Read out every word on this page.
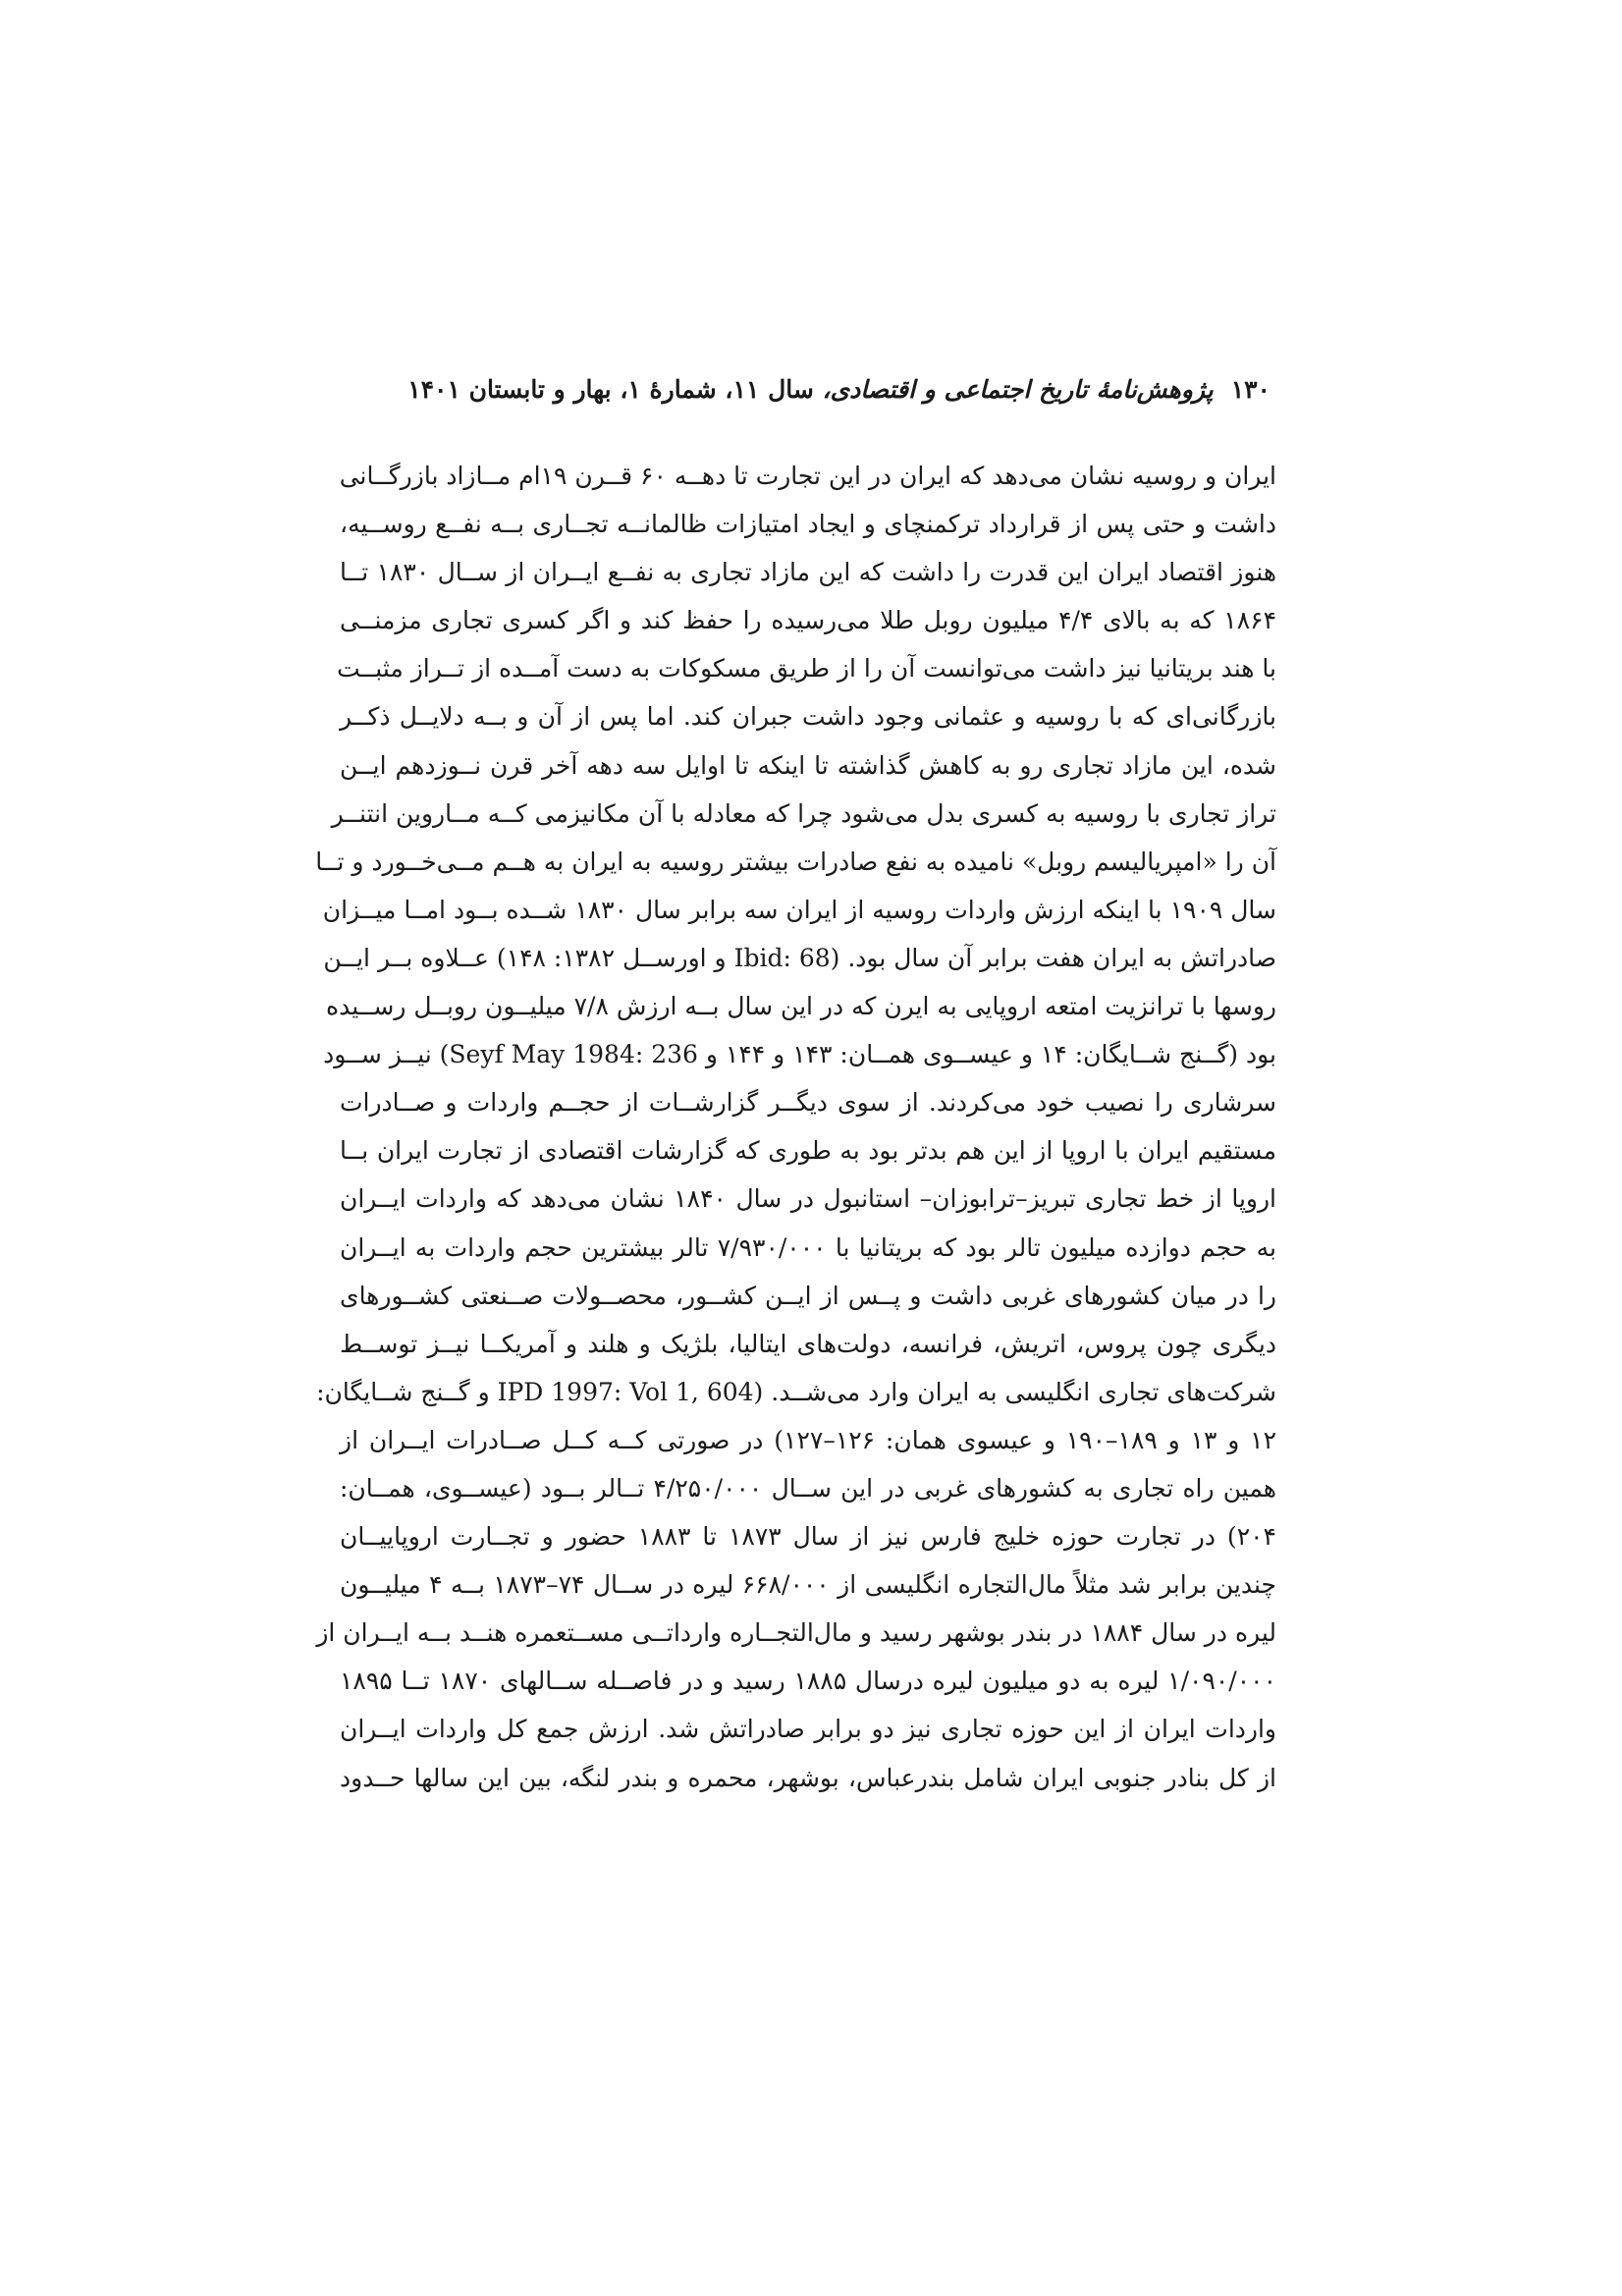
۱۳۰
پژوهش‌نامهٔ تاریخ اجتماعی و اقتصادی، سال ۱۱، شمارهٔ ۱، بهار و تابستان ۱۴۰۱
ایران و روسیه نشان می‌دهد که ایران در این تجارت تا دهــه ۶۰ قــرن ۱۹ام مــازاد بازرگــانی
داشت و حتی پس از قرارداد ترکمنچای و ایجاد امتیازات ظالمانــه تجــاری بــه نفــع روســیه،
هنوز اقتصاد ایران این قدرت را داشت که این مازاد تجاری به نفــع ایــران از ســال ۱۸۳۰ تــا
۱۸۶۴ که به بالای ۴/۴ میلیون روبل طلا می‌رسیده را حفظ کند و اگر کسری تجاری مزمنــی
با هند بریتانیا نیز داشت می‌توانست آن را از طریق مسکوکات به دست آمــده از تــراز مثبــت
بازرگانی‌ای که با روسیه و عثمانی وجود داشت جبران کند. اما پس از آن و بــه دلایــل ذکــر
شده، این مازاد تجاری رو به کاهش گذاشته تا اینکه تا اوایل سه دهه آخر قرن نــوزدهم ایــن
تراز تجاری با روسیه به کسری بدل می‌شود چرا که معادله با آن مکانیزمی کــه مــاروین انتنــر
آن را «امپریالیسم روبل» نامیده به نفع صادرات بیشتر روسیه به ایران به هــم مــی‌خــورد و تــا
سال ۱۹۰۹ با اینکه ارزش واردات روسیه از ایران سه برابر سال ۱۸۳۰ شــده بــود امــا میــزان
صادراتش به ایران هفت برابر آن سال بود. (Ibid: 68 و اورســل ۱۳۸۲: ۱۴۸) عــلاوه بــر ایــن
روسها با ترانزیت امتعه اروپایی به ایرن که در این سال بــه ارزش ۷/۸ میلیــون روبــل رســیده
بود (گــنج شــایگان: ۱۴ و عیســوی همــان: ۱۴۳ و ۱۴۴ و Seyf May 1984: 236) نیــز ســود
سرشاری را نصیب خود می‌کردند. از سوی دیگــر گزارشــات از حجــم واردات و صــادرات
مستقیم ایران با اروپا از این هم بدتر بود به طوری که گزارشات اقتصادی از تجارت ایران بــا
اروپا از خط تجاری تبریز–ترابوزان– استانبول در سال ۱۸۴۰ نشان می‌دهد که واردات ایــران
به حجم دوازده میلیون تالر بود که بریتانیا با ۷/۹۳۰/۰۰۰ تالر بیشترین حجم واردات به ایــران
را در میان کشورهای غربی داشت و پــس از ایــن کشــور، محصــولات صــنعتی کشــورهای
دیگری چون پروس، اتریش، فرانسه، دولت‌های ایتالیا، بلژیک و هلند و آمریکــا نیــز توســط
شرکت‌های تجاری انگلیسی به ایران وارد می‌شــد. (IPD 1997: Vol 1, 604 و گــنج شــایگان:
۱۲ و ۱۳ و ۱۸۹–۱۹۰ و عیسوی همان: ۱۲۶–۱۲۷) در صورتی کــه کــل صــادرات ایــران از
همین راه تجاری به کشورهای غربی در این ســال ۴/۲۵۰/۰۰۰ تــالر بــود (عیســوی، همــان:
۲۰۴) در تجارت حوزه خلیج فارس نیز از سال ۱۸۷۳ تا ۱۸۸۳ حضور و تجــارت اروپاییــان
چندین برابر شد مثلاً مال‌التجاره انگلیسی از ۶۶۸/۰۰۰ لیره در ســال ۷۴–۱۸۷۳ بــه ۴ میلیــون
لیره در سال ۱۸۸۴ در بندر بوشهر رسید و مال‌التجــاره وارداتــی مســتعمره هنــد بــه ایــران از
۱/۰۹۰/۰۰۰ لیره به دو میلیون لیره درسال ۱۸۸۵ رسید و در فاصــله ســالهای ۱۸۷۰ تــا ۱۸۹۵
واردات ایران از این حوزه تجاری نیز دو برابر صادراتش شد. ارزش جمع کل واردات ایــران
از کل بنادر جنوبی ایران شامل بندرعباس، بوشهر، محمره و بندر لنگه، بین این سالها حــدود
